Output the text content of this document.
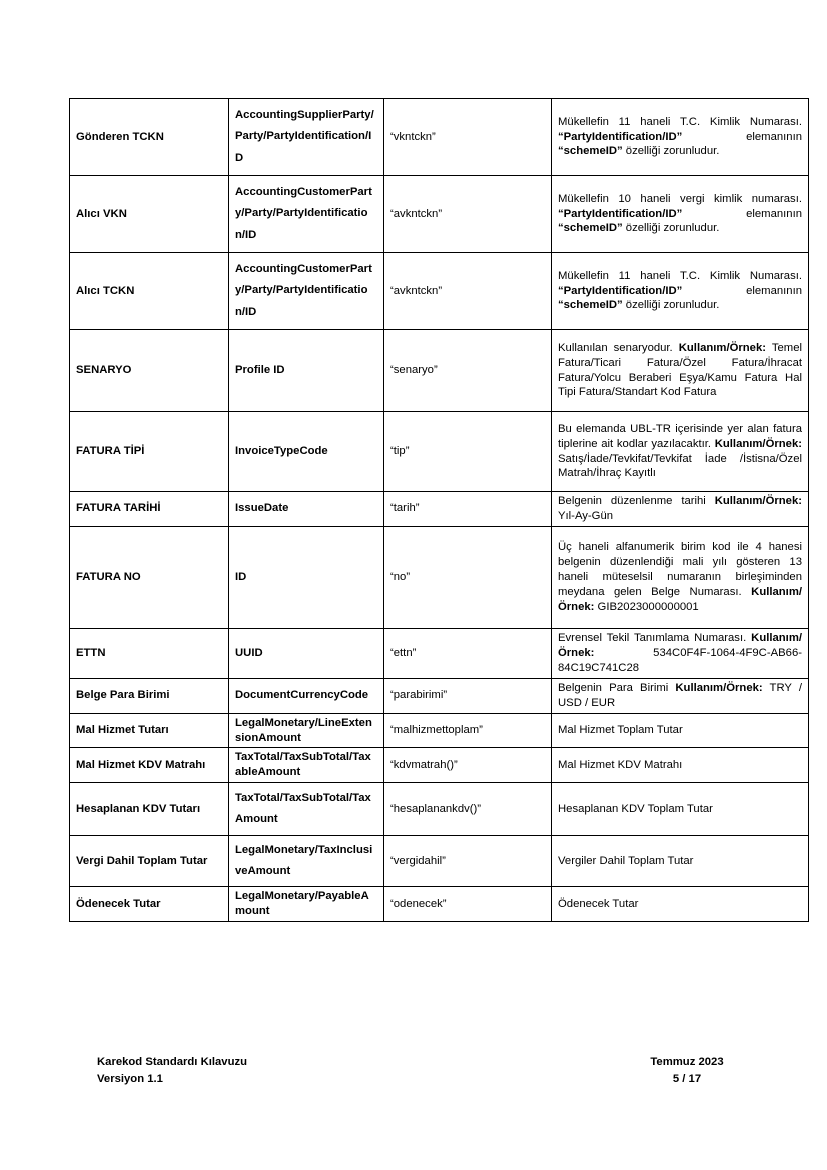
Gönderen TCKN	AccountingSupplierParty/Party/PartyIdentification/ID	“vkntckn”	Mükellefin 11 haneli T.C. Kimlik Numarası. “PartyIdentification/ID” elemanının “schemeID” özelliği zorunludur.
Alıcı VKN	AccountingCustomerParty/Party/PartyIdentification/ID	“avkntckn”	Mükellefin 10 haneli vergi kimlik numarası. “PartyIdentification/ID” elemanının “schemeID” özelliği zorunludur.
Alıcı TCKN	AccountingCustomerParty/Party/PartyIdentification/ID	“avkntckn”	Mükellefin 11 haneli T.C. Kimlik Numarası. “PartyIdentification/ID” elemanının “schemeID” özelliği zorunludur.
SENARYO	Profile ID	“senaryo”	Kullanılan senaryodur. Kullanım/Örnek: Temel Fatura/Ticari Fatura/Özel Fatura/İhracat Fatura/Yolcu Beraberi Eşya/Kamu Fatura Hal Tipi Fatura/Standart Kod Fatura
FATURA TİPİ	InvoiceTypeCode	“tip”	Bu elemanda UBL-TR içerisinde yer alan fatura tiplerine ait kodlar yazılacaktır. Kullanım/Örnek: Satış/İade/Tevkifat/Tevkifat İade /İstisna/Özel Matrah/İhraç Kayıtlı
FATURA TARİHİ	IssueDate	“tarih”	Belgenin düzenlenme tarihi Kullanım/Örnek: Yıl-Ay-Gün
FATURA NO	ID	“no”	Üç haneli alfanumerik birim kod ile 4 hanesi belgenin düzenlendiği mali yılı gösteren 13 haneli müteselsil numaranın birleşiminden meydana gelen Belge Numarası. Kullanım/Örnek: GIB2023000000001
ETTN	UUID	“ettn”	Evrensel Tekil Tanımlama Numarası. Kullanım/Örnek: 534C0F4F-1064-4F9C-AB66-84C19C741C28
Belge Para Birimi	DocumentCurrencyCode	“parabirimi”	Belgenin Para Birimi Kullanım/Örnek: TRY / USD / EUR
Mal Hizmet Tutarı	LegalMonetary/LineExtensionAmount	“malhizmettoplam”	Mal Hizmet Toplam Tutar
Mal Hizmet KDV Matrahı	TaxTotal/TaxSubTotal/TaxableAmount	“kdvmatrah()”	Mal Hizmet KDV Matrahı
Hesaplanan KDV Tutarı	TaxTotal/TaxSubTotal/TaxAmount	“hesaplanankdv()”	Hesaplanan KDV Toplam Tutar
Vergi Dahil Toplam Tutar	LegalMonetary/TaxInclusiveAmount	“vergidahil”	Vergiler Dahil Toplam Tutar
Ödenecek Tutar	LegalMonetary/PayableAmount	“odenecek”	Ödenecek Tutar
Karekod Standardı Kılavuzu
Versiyon 1.1
Temmuz 2023
5 / 17
